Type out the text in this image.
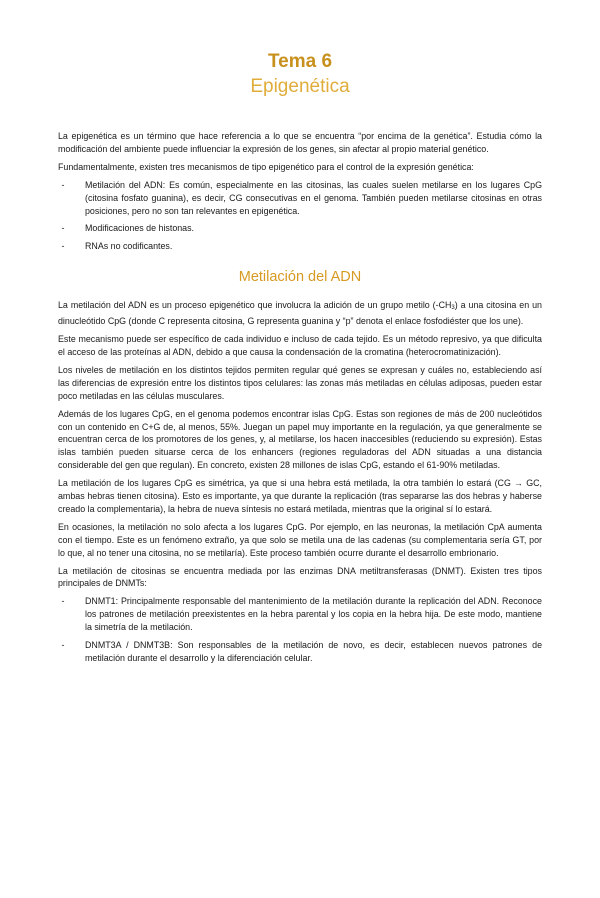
Tema 6
Epigenética

La epigenética es un término que hace referencia a lo que se encuentra “por encima de la genética”. Estudia cómo la modificación del ambiente puede influenciar la expresión de los genes, sin afectar al propio material genético.

Fundamentalmente, existen tres mecanismos de tipo epigenético para el control de la expresión genética:

-	Metilación del ADN: Es común, especialmente en las citosinas, las cuales suelen metilarse en los lugares CpG (citosina fosfato guanina), es decir, CG consecutivas en el genoma. También pueden metilarse citosinas en otras posiciones, pero no son tan relevantes en epigenética.
-	Modificaciones de histonas.
-	RNAs no codificantes.
Metilación del ADN

La metilación del ADN es un proceso epigenético que involucra la adición de un grupo metilo $(-CH_3)$ a una citosina en un dinucleótido CpG (donde C representa citosina, G representa guanina y “p” denota el enlace fosfodiéster que los une).

Este mecanismo puede ser específico de cada individuo e incluso de cada tejido. Es un método represivo, ya que dificulta el acceso de las proteínas al ADN, debido a que causa la condensación de la cromatina (heterocromatinización).

Los niveles de metilación en los distintos tejidos permiten regular qué genes se expresan y cuáles no, estableciendo así las diferencias de expresión entre los distintos tipos celulares: las zonas más metiladas en células adiposas, pueden estar poco metiladas en las células musculares.

Además de los lugares CpG, en el genoma podemos encontrar islas CpG. Estas son regiones de más de 200 nucleótidos con un contenido en C+G de, al menos, 55%. Juegan un papel muy importante en la regulación, ya que generalmente se encuentran cerca de los promotores de los genes, y, al metilarse, los hacen inaccesibles (reduciendo su expresión). Estas islas también pueden situarse cerca de los enhancers (regiones reguladoras del ADN situadas a una distancia considerable del gen que regulan). En concreto, existen 28 millones de islas CpG, estando el 61-90% metiladas.

La metilación de los lugares CpG es simétrica, ya que si una hebra está metilada, la otra también lo estará (CG → GC, ambas hebras tienen citosina). Esto es importante, ya que durante la replicación (tras separarse las dos hebras y haberse creado la complementaria), la hebra de nueva síntesis no estará metilada, mientras que la original sí lo estará.

En ocasiones, la metilación no solo afecta a los lugares CpG. Por ejemplo, en las neuronas, la metilación CpA aumenta con el tiempo. Este es un fenómeno extraño, ya que solo se metila una de las cadenas (su complementaria sería GT, por lo que, al no tener una citosina, no se metilaría). Este proceso también ocurre durante el desarrollo embrionario.

La metilación de citosinas se encuentra mediada por las enzimas DNA metiltransferasas (DNMT). Existen tres tipos principales de DNMTs:

-	DNMT1: Principalmente responsable del mantenimiento de la metilación durante la replicación del ADN. Reconoce los patrones de metilación preexistentes en la hebra parental y los copia en la hebra hija. De este modo, mantiene la simetría de la metilación.
-	DNMT3A / DNMT3B: Son responsables de la metilación de novo, es decir, establecen nuevos patrones de metilación durante el desarrollo y la diferenciación celular.
